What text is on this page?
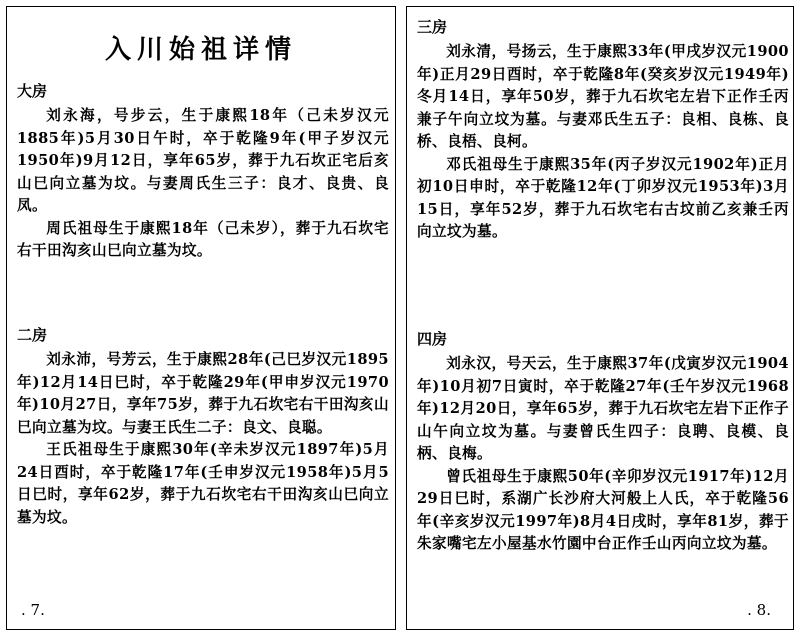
入川始祖详情
大房

刘永海，号步云，生于康熙18年（己未岁汉元1885年)5月30日午时，卒于乾隆9年(甲子岁汉元1950年)9月12日，享年65岁，葬于九石坎正宅后亥山巳向立墓为坟。与妻周氏生三子：良才、良贵、良凤。

周氏祖母生于康熙18年（己未岁），葬于九石坎宅右干田沟亥山巳向立墓为坟。

二房

刘永沛，号芳云，生于康熙28年(己巳岁汉元1895年)12月14日巳时，卒于乾隆29年(甲申岁汉元1970年)10月27日，享年75岁，葬于九石坎宅右干田沟亥山巳向立墓为坟。与妻王氏生二子：良文、良聪。

王氏祖母生于康熙30年(辛未岁汉元1897年)5月24日酉时，卒于乾隆17年(壬申岁汉元1958年)5月5日巳时，享年62岁，葬于九石坎宅右干田沟亥山巳向立墓为坟。

. 7.
三房

刘永清，号扬云，生于康熙33年(甲戌岁汉元1900年)正月29日酉时，卒于乾隆8年(癸亥岁汉元1949年)冬月14日，享年50岁，葬于九石坎宅左岩下正作壬丙兼子午向立坟为墓。与妻邓氏生五子：良相、良栋、良桥、良梧、良柯。

邓氏祖母生于康熙35年(丙子岁汉元1902年)正月初10日申时，卒于乾隆12年(丁卯岁汉元1953年)3月15日，享年52岁，葬于九石坎宅右古坟前乙亥兼壬丙向立坟为墓。

四房

刘永汉，号天云，生于康熙37年(戊寅岁汉元1904年)10月初7日寅时，卒于乾隆27年(壬午岁汉元1968年)12月20日，享年65岁，葬于九石坎宅左岩下正作子山午向立坟为墓。与妻曾氏生四子：良聘、良模、良柄、良梅。

曾氏祖母生于康熙50年(辛卯岁汉元1917年)12月29日巳时，系湖广长沙府大河般上人氏，卒于乾隆56年(辛亥岁汉元1997年)8月4日戌时，享年81岁，葬于朱家嘴宅左小屋基水竹園中台正作壬山丙向立坟为墓。

. 8.
